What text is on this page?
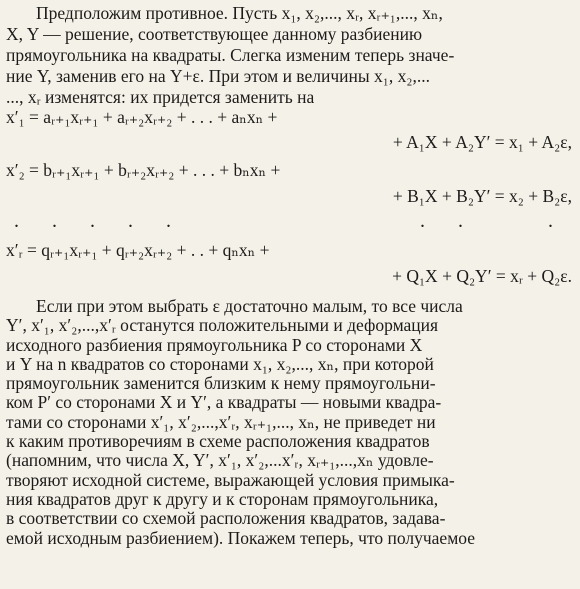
Предположим противное. Пусть x₁, x₂,..., xᵣ, xᵣ₊₁,..., xₙ,
X, Y — решение, соответствующее данному разбиению
прямоугольника на квадраты. Слегка изменим теперь значе-
ние Y, заменив его на Y+ε. При этом и величины x₁, x₂,...
..., xᵣ изменятся: их придется заменить на
x′₁ = aᵣ₊₁xᵣ₊₁ + aᵣ₊₂xᵣ₊₂ + . . . + aₙxₙ +
+ A₁X + A₂Y′ = x₁ + A₂ε,
x′₂ = bᵣ₊₁xᵣ₊₁ + bᵣ₊₂xᵣ₊₂ + . . . + bₙxₙ +
+ B₁X + B₂Y′ = x₂ + B₂ε,
x′ᵣ = qᵣ₊₁xᵣ₊₁ + qᵣ₊₂xᵣ₊₂ + . . + qₙxₙ +
+ Q₁X + Q₂Y′ = xᵣ + Q₂ε.
. . . . .	. .	.
Если при этом выбрать ε достаточно малым, то все числа
Y′, x′₁, x′₂,...,x′ᵣ останутся положительными и деформация
исходного разбиения прямоугольника P со сторонами X
и Y на n квадратов со сторонами x₁, x₂,..., xₙ, при которой
прямоугольник заменится близким к нему прямоугольни-
ком P′ со сторонами X и Y′, а квадраты — новыми квадра-
тами со сторонами x′₁, x′₂,...,x′ᵣ, xᵣ₊₁,..., xₙ, не приведет ни
к каким противоречиям в схеме расположения квадратов
(напомним, что числа X, Y′, x′₁, x′₂,...x′ᵣ, xᵣ₊₁,...,xₙ удовле-
творяют исходной системе, выражающей условия примыка-
ния квадратов друг к другу и к сторонам прямоугольника,
в соответствии со схемой расположения квадратов, задава-
емой исходным разбиением). Покажем теперь, что получаемое
